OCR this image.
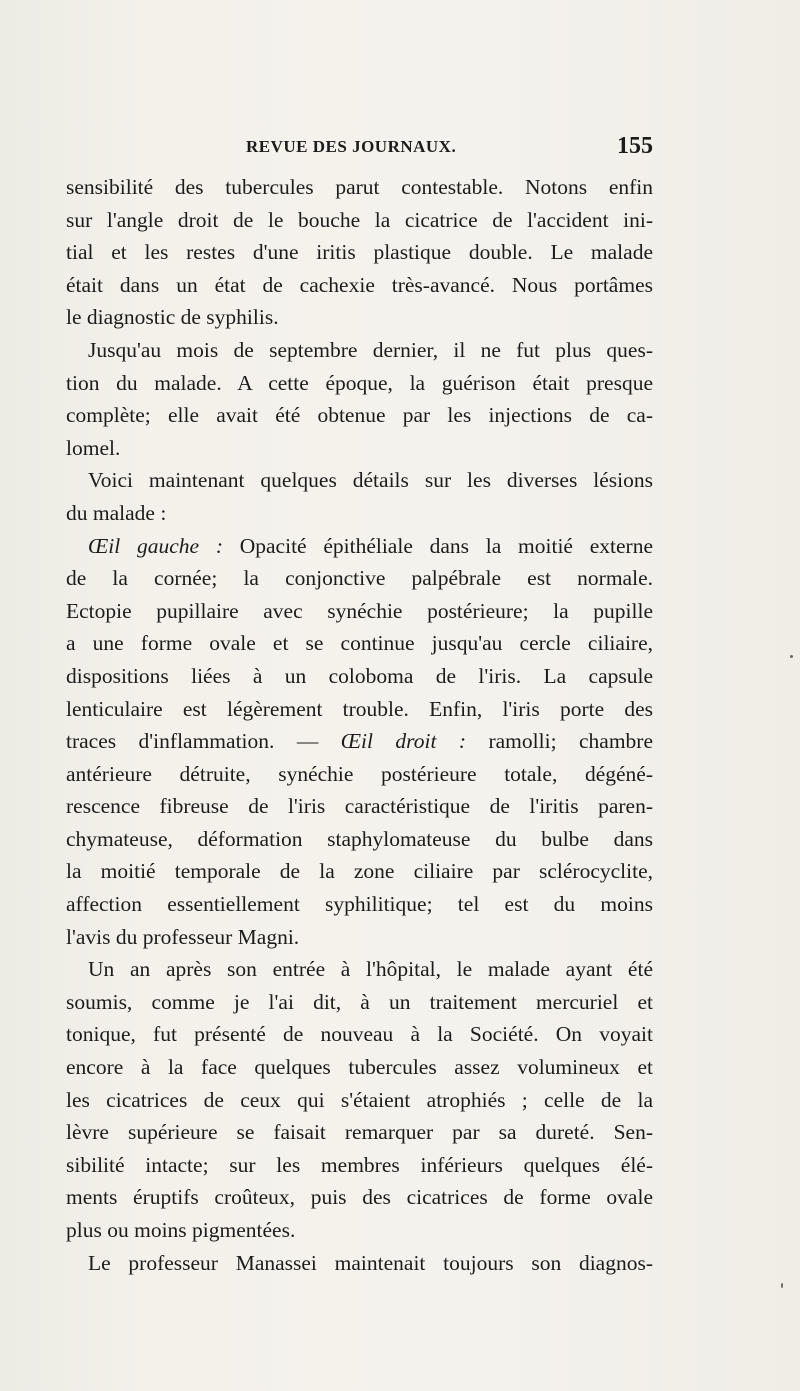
REVUE DES JOURNAUX.	155
sensibilité des tubercules parut contestable. Notons enfin
sur l'angle droit de le bouche la cicatrice de l'accident ini-
tial et les restes d'une iritis plastique double. Le malade
était dans un état de cachexie très-avancé. Nous portâmes
le diagnostic de syphilis.
Jusqu'au mois de septembre dernier, il ne fut plus ques-
tion du malade. A cette époque, la guérison était presque
complète; elle avait été obtenue par les injections de ca-
lomel.
Voici maintenant quelques détails sur les diverses lésions
du malade :
Œil gauche : Opacité épithéliale dans la moitié externe
de la cornée; la conjonctive palpébrale est normale.
Ectopie pupillaire avec synéchie postérieure; la pupille
a une forme ovale et se continue jusqu'au cercle ciliaire,
dispositions liées à un coloboma de l'iris. La capsule
lenticulaire est légèrement trouble. Enfin, l'iris porte des
traces d'inflammation. — Œil droit : ramolli; chambre
antérieure détruite, synéchie postérieure totale, dégéné-
rescence fibreuse de l'iris caractéristique de l'iritis paren-
chymateuse, déformation staphylomateuse du bulbe dans
la moitié temporale de la zone ciliaire par sclérocyclite,
affection essentiellement syphilitique; tel est du moins
l'avis du professeur Magni.
Un an après son entrée à l'hôpital, le malade ayant été
soumis, comme je l'ai dit, à un traitement mercuriel et
tonique, fut présenté de nouveau à la Société. On voyait
encore à la face quelques tubercules assez volumineux et
les cicatrices de ceux qui s'étaient atrophiés ; celle de la
lèvre supérieure se faisait remarquer par sa dureté. Sen-
sibilité intacte; sur les membres inférieurs quelques élé-
ments éruptifs croûteux, puis des cicatrices de forme ovale
plus ou moins pigmentées.
Le professeur Manassei maintenait toujours son diagnos-
